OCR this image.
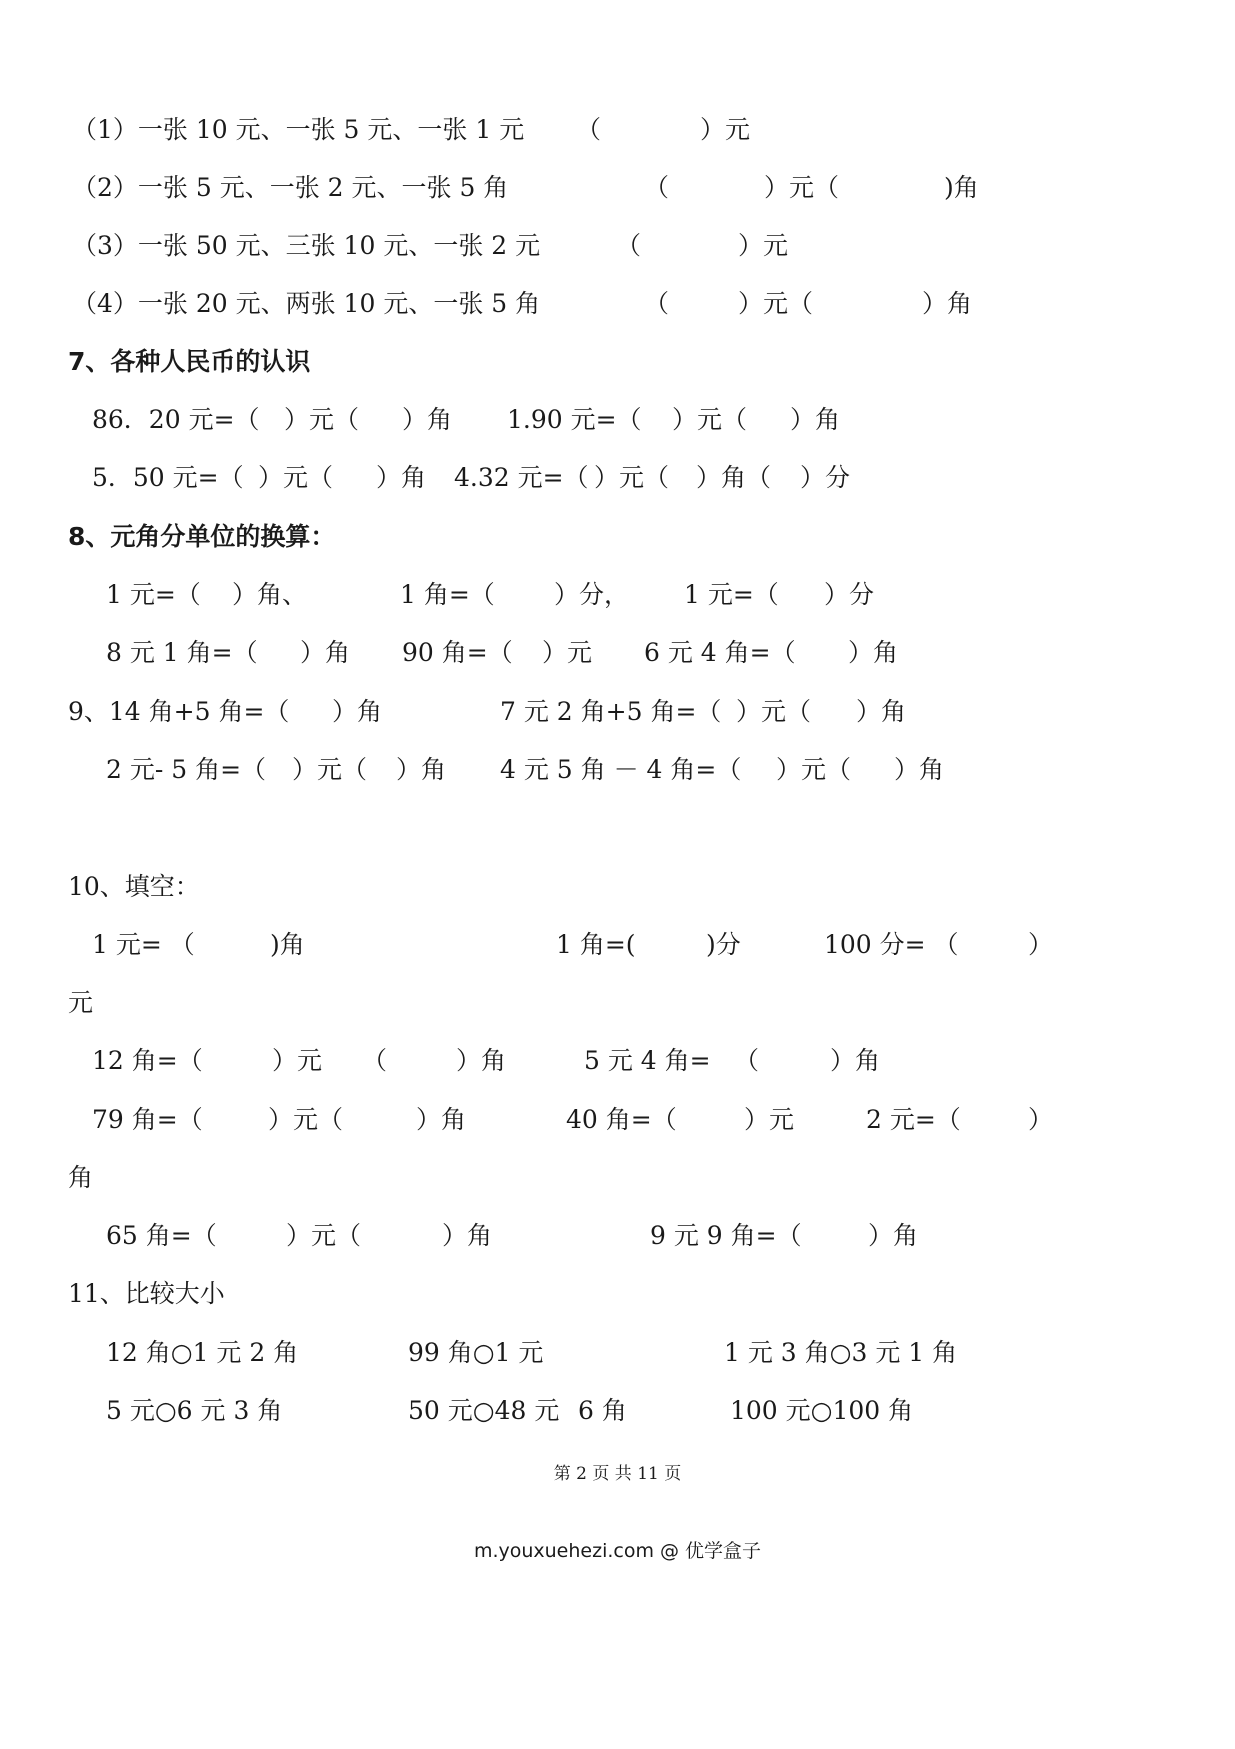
（1）一张 10 元、一张 5 元、一张 1 元 （	）元
（2）一张 5 元、一张 2 元、一张 5 角	（	）元（	)角
（3）一张 50 元、三张 10 元、一张 2 元	（	）元
（4）一张 20 元、两张 10 元、一张 5 角	（	）元（	）角
7、各种人民币的认识
86．20 元=（ ）元（ ）角 1.90 元=（ ）元（ ）角
5．50 元=（ ）元（ ）角 4.32 元=（ ）元（ ）角（ ）分
8、元角分单位的换算：
1 元=（ ）角、	1 角=（ ）分， 1 元=（ ）分
8 元 1 角=（ ）角 90 角=（ ）元 6 元 4 角=（ ）角
9、14 角+5 角=（ ）角	7 元 2 角+5 角=（ ）元（ ）角
2 元- 5 角=（ ）元（ ）角 4 元 5 角 － 4 角=（ ）元（ ）角
10、填空：
1 元= （	)角	1 角=(	)分	100 分= （	）
元
12 角=（	）元 （	）角	5 元 4 角= （	）角
79 角=（	）元（	）角	40 角=（	）元	2 元=（	）
角
65 角=（	）元（	）角	9 元 9 角=（	）角
11、比较大小
12 角○1 元 2 角	99 角○1 元	1 元 3 角○3 元 1 角
5 元○6 元 3 角	50 元○48 元 6 角	100 元○100 角
第 2 页 共 11 页
m.youxuehezi.com @ 优学盒子
